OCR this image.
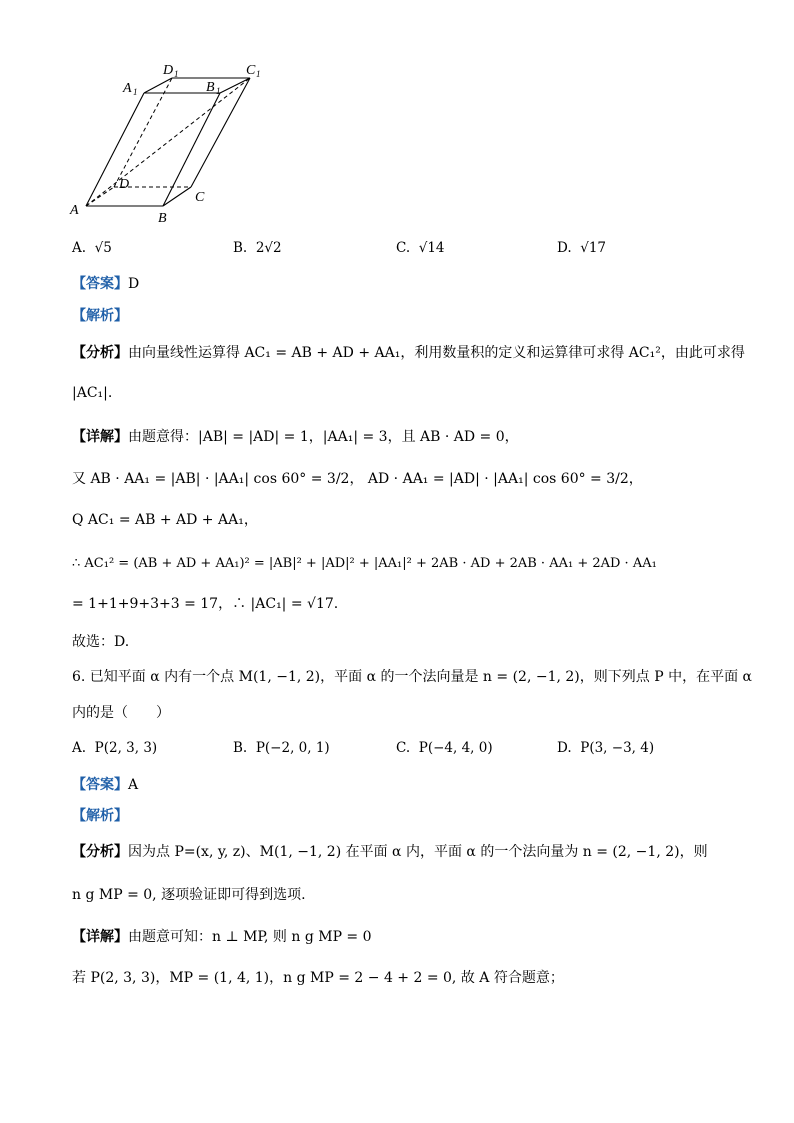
A
B
C
D
A 1	B 1
C 1
D 1
A. √5	B. 2√2	C. √14	D. √17
【答案】D
【解析】
【分析】由向量线性运算得 AC₁ = AB + AD + AA₁，利用数量积的定义和运算律可求得 AC₁²，由此可求得
|AC₁|.
【详解】由题意得：|AB| = |AD| = 1，|AA₁| = 3，且 AB · AD = 0，
又 AB · AA₁ = |AB| · |AA₁| cos 60° = 3/2， AD · AA₁ = |AD| · |AA₁| cos 60° = 3/2，
Q AC₁ = AB + AD + AA₁，
∴ AC₁² = (AB + AD + AA₁)² = |AB|² + |AD|² + |AA₁|² + 2AB · AD + 2AB · AA₁ + 2AD · AA₁
= 1+1+9+3+3 = 17，∴ |AC₁| = √17.
故选：D.
6. 已知平面 α 内有一个点 M(1, −1, 2)，平面 α 的一个法向量是 n = (2, −1, 2)，则下列点 P 中，在平面 α
内的是（　　）
A. P(2, 3, 3)	B. P(−2, 0, 1)	C. P(−4, 4, 0)	D. P(3, −3, 4)
【答案】A
【解析】
【分析】因为点 P=(x, y, z)、M(1, −1, 2) 在平面 α 内，平面 α 的一个法向量为 n = (2, −1, 2)，则
n g MP = 0, 逐项验证即可得到选项.
【详解】由题意可知：n ⊥ MP, 则 n g MP = 0
若 P(2, 3, 3)，MP = (1, 4, 1)，n g MP = 2 − 4 + 2 = 0, 故 A 符合题意；
